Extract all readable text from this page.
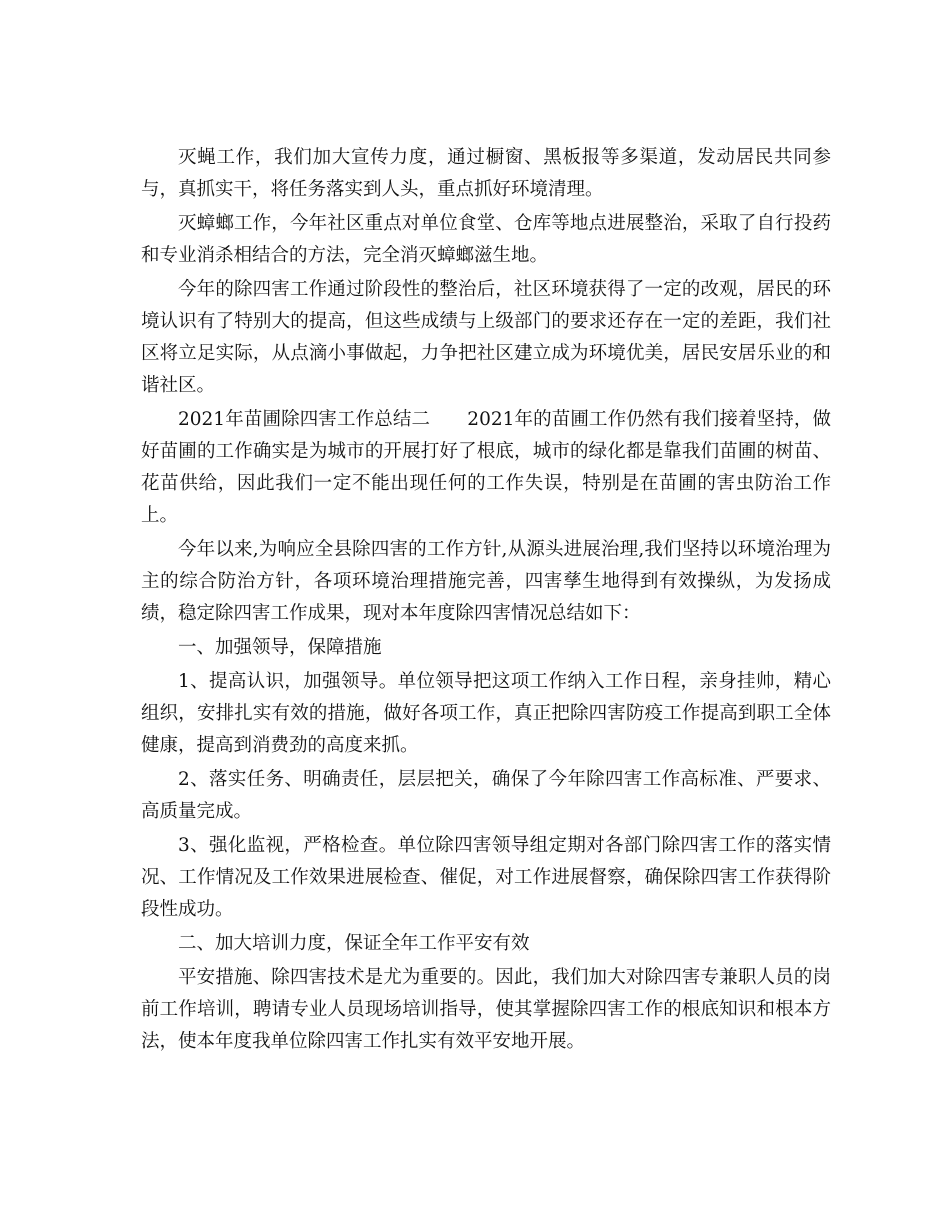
灭蝇工作，我们加大宣传力度，通过橱窗、黑板报等多渠道，发动居民共同参与，真抓实干，将任务落实到人头，重点抓好环境清理。

灭蟑螂工作，今年社区重点对单位食堂、仓库等地点进展整治，采取了自行投药和专业消杀相结合的方法，完全消灭蟑螂滋生地。

今年的除四害工作通过阶段性的整治后，社区环境获得了一定的改观，居民的环境认识有了特别大的提高，但这些成绩与上级部门的要求还存在一定的差距，我们社区将立足实际，从点滴小事做起，力争把社区建立成为环境优美，居民安居乐业的和谐社区。

2021年苗圃除四害工作总结二　　2021年的苗圃工作仍然有我们接着坚持，做好苗圃的工作确实是为城市的开展打好了根底，城市的绿化都是靠我们苗圃的树苗、花苗供给，因此我们一定不能出现任何的工作失误，特别是在苗圃的害虫防治工作上。

今年以来,为响应全县除四害的工作方针,从源头进展治理,我们坚持以环境治理为主的综合防治方针，各项环境治理措施完善，四害孳生地得到有效操纵，为发扬成绩，稳定除四害工作成果，现对本年度除四害情况总结如下：

一、加强领导，保障措施

1、提高认识，加强领导。单位领导把这项工作纳入工作日程，亲身挂帅，精心组织，安排扎实有效的措施，做好各项工作，真正把除四害防疫工作提高到职工全体健康，提高到消费劲的高度来抓。

2、落实任务、明确责任，层层把关，确保了今年除四害工作高标准、严要求、高质量完成。

3、强化监视，严格检查。单位除四害领导组定期对各部门除四害工作的落实情况、工作情况及工作效果进展检查、催促，对工作进展督察，确保除四害工作获得阶段性成功。

二、加大培训力度，保证全年工作平安有效

平安措施、除四害技术是尤为重要的。因此，我们加大对除四害专兼职人员的岗前工作培训，聘请专业人员现场培训指导，使其掌握除四害工作的根底知识和根本方法，使本年度我单位除四害工作扎实有效平安地开展。
